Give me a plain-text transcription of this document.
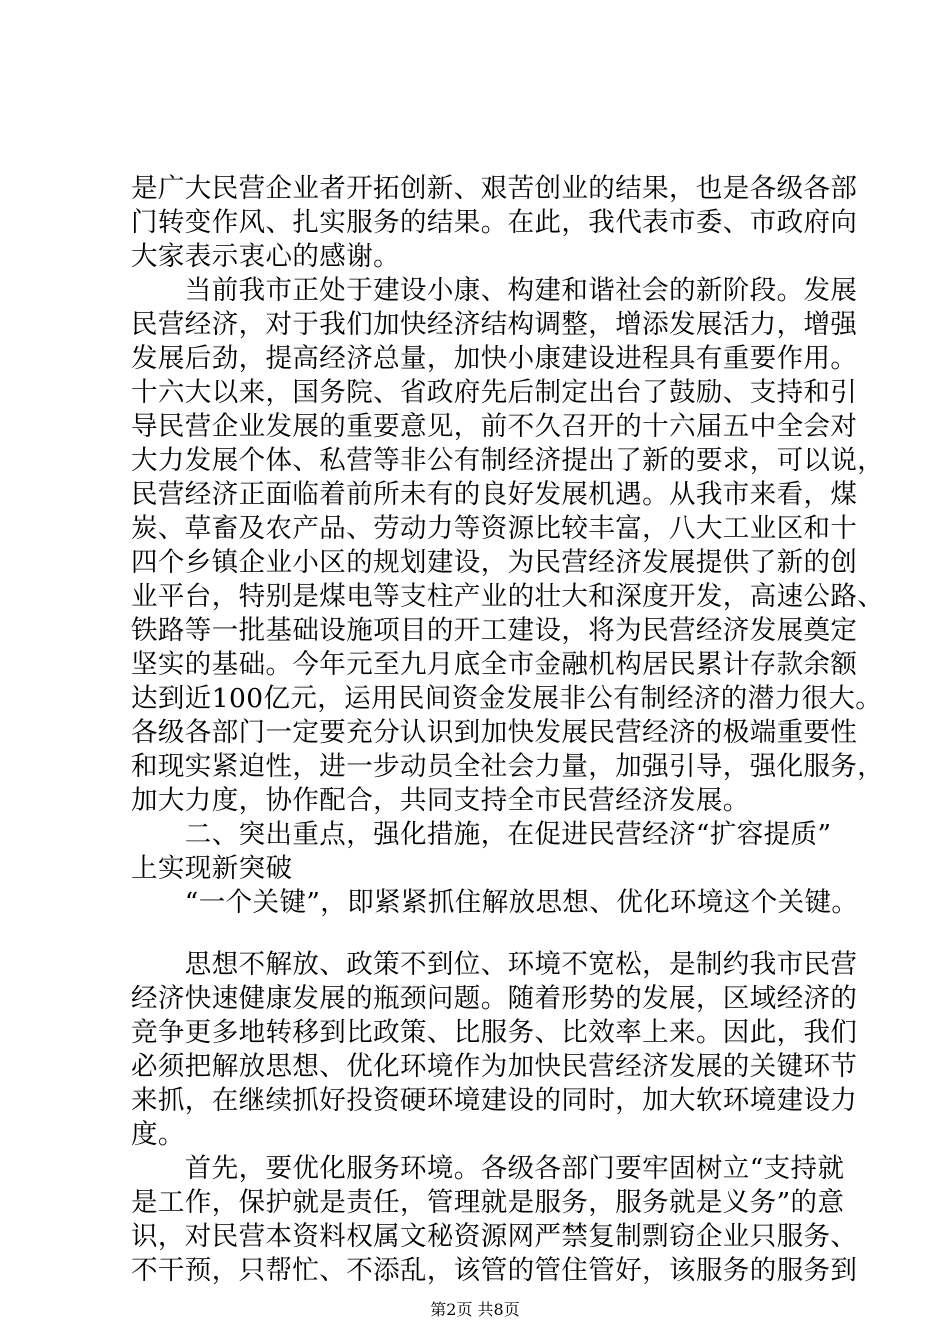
是广大民营企业者开拓创新、艰苦创业的结果，也是各级各部
门转变作风、扎实服务的结果。在此，我代表市委、市政府向
大家表示衷心的感谢。
　　当前我市正处于建设小康、构建和谐社会的新阶段。发展
民营经济，对于我们加快经济结构调整，增添发展活力，增强
发展后劲，提高经济总量，加快小康建设进程具有重要作用。
十六大以来，国务院、省政府先后制定出台了鼓励、支持和引
导民营企业发展的重要意见，前不久召开的十六届五中全会对
大力发展个体、私营等非公有制经济提出了新的要求，可以说，
民营经济正面临着前所未有的良好发展机遇。从我市来看，煤
炭、草畜及农产品、劳动力等资源比较丰富，八大工业区和十
四个乡镇企业小区的规划建设，为民营经济发展提供了新的创
业平台，特别是煤电等支柱产业的壮大和深度开发，高速公路、
铁路等一批基础设施项目的开工建设，将为民营经济发展奠定
坚实的基础。今年元至九月底全市金融机构居民累计存款余额
达到近100亿元，运用民间资金发展非公有制经济的潜力很大。
各级各部门一定要充分认识到加快发展民营经济的极端重要性
和现实紧迫性，进一步动员全社会力量，加强引导，强化服务，
加大力度，协作配合，共同支持全市民营经济发展。
　　二、突出重点，强化措施，在促进民营经济“扩容提质”
上实现新突破
　　“一个关键”，即紧紧抓住解放思想、优化环境这个关键。
　　思想不解放、政策不到位、环境不宽松，是制约我市民营
经济快速健康发展的瓶颈问题。随着形势的发展，区域经济的
竞争更多地转移到比政策、比服务、比效率上来。因此，我们
必须把解放思想、优化环境作为加快民营经济发展的关键环节
来抓，在继续抓好投资硬环境建设的同时，加大软环境建设力
度。
　　首先，要优化服务环境。各级各部门要牢固树立“支持就
是工作，保护就是责任，管理就是服务，服务就是义务”的意
识，对民营本资料权属文秘资源网严禁复制剽窃企业只服务、
不干预，只帮忙、不添乱，该管的管住管好，该服务的服务到
第2页 共8页
